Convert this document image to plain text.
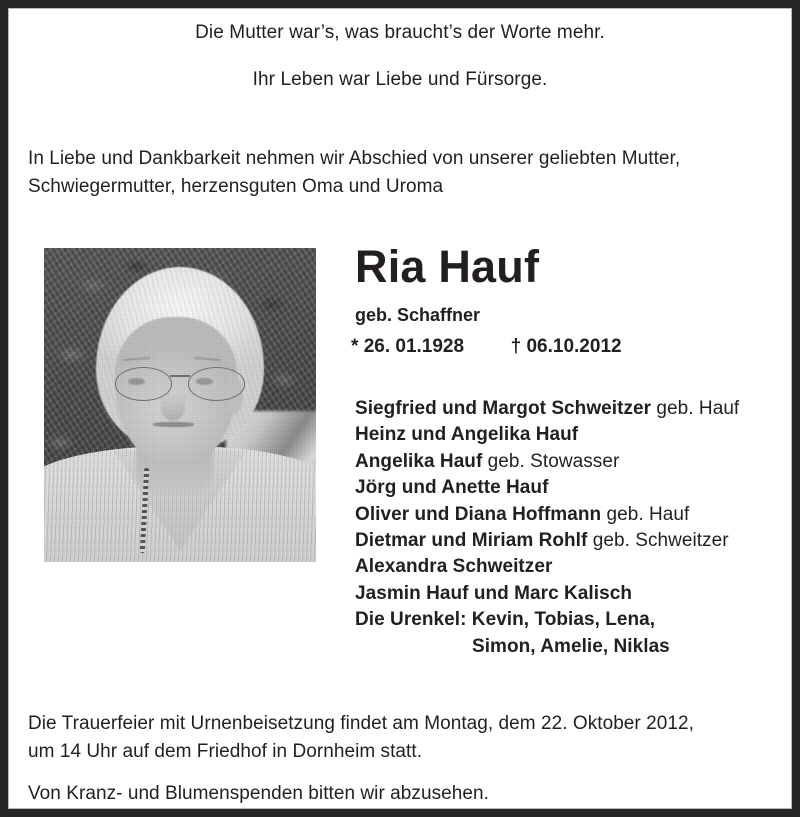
Die Mutter war’s, was braucht’s der Worte mehr.
Ihr Leben war Liebe und Fürsorge.
In Liebe und Dankbarkeit nehmen wir Abschied von unserer geliebten Mutter,
Schwiegermutter, herzensguten Oma und Uroma
Ria Hauf
geb. Schaffner
* 26. 01.1928 † 06.10.2012
Siegfried und Margot Schweitzer geb. Hauf
Heinz und Angelika Hauf
Angelika Hauf geb. Stowasser
Jörg und Anette Hauf
Oliver und Diana Hoffmann geb. Hauf
Dietmar und Miriam Rohlf geb. Schweitzer
Alexandra Schweitzer
Jasmin Hauf und Marc Kalisch
Die Urenkel: Kevin, Tobias, Lena,
Simon, Amelie, Niklas
Die Trauerfeier mit Urnenbeisetzung findet am Montag, dem 22. Oktober 2012,
um 14 Uhr auf dem Friedhof in Dornheim statt.
Von Kranz- und Blumenspenden bitten wir abzusehen.
